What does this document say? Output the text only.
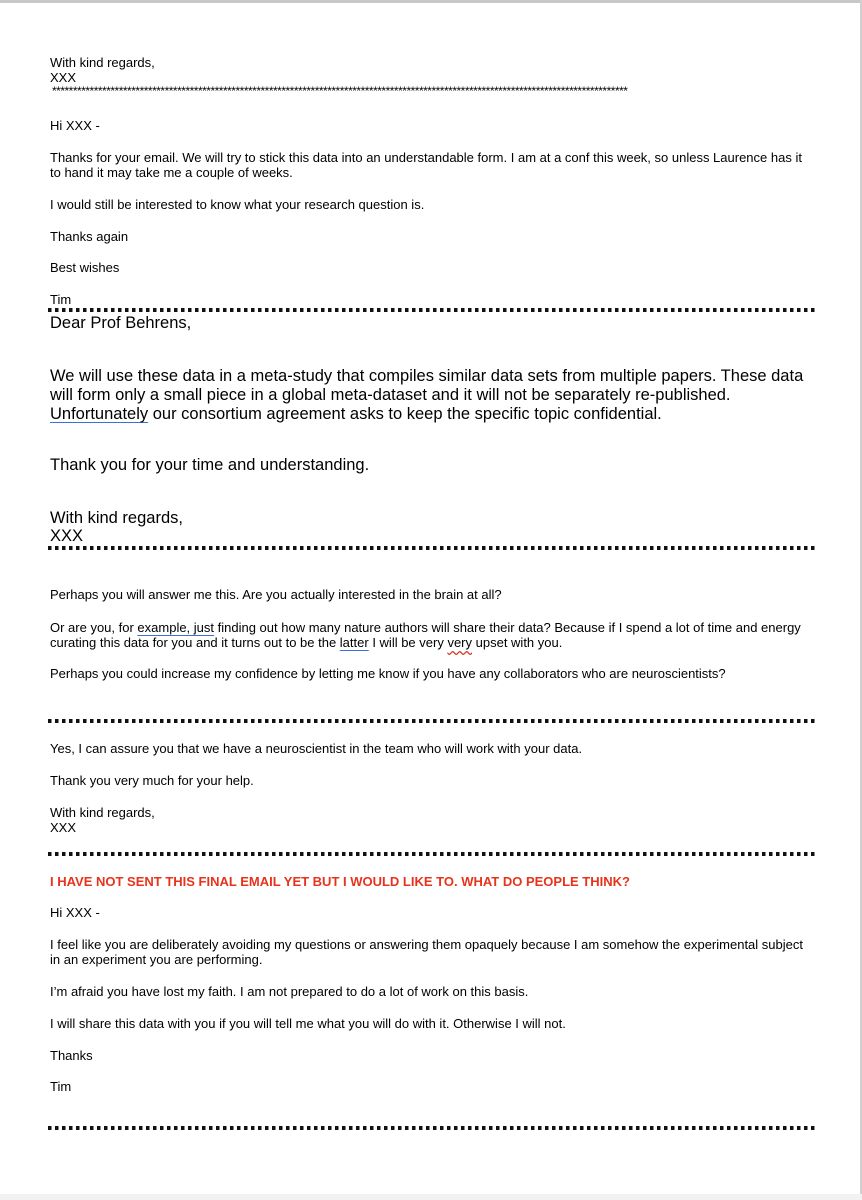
With kind regards,

XXX

******************************************************************************************************************************************

Hi XXX -

Thanks for your email. We will try to stick this data into an understandable form. I am at a conf this week, so unless Laurence has it to hand it may take me a couple of weeks.

I would still be interested to know what your research question is.

Thanks again

Best wishes

Tim

Dear Prof Behrens,

We will use these data in a meta-study that compiles similar data sets from multiple papers. These data will form only a small piece in a global meta-dataset and it will not be separately re-published. Unfortunately our consortium agreement asks to keep the specific topic confidential.

Thank you for your time and understanding.

With kind regards,

XXX

Perhaps you will answer me this. Are you actually interested in the brain at all?

Or are you, for example, just finding out how many nature authors will share their data? Because if I spend a lot of time and energy curating this data for you and it turns out to be the latter I will be very very upset with you.

Perhaps you could increase my confidence by letting me know if you have any collaborators who are neuroscientists?

Yes, I can assure you that we have a neuroscientist in the team who will work with your data.

Thank you very much for your help.

With kind regards,

XXX

I HAVE NOT SENT THIS FINAL EMAIL YET BUT I WOULD LIKE TO. WHAT DO PEOPLE THINK?

Hi XXX -

I feel like you are deliberately avoiding my questions or answering them opaquely because I am somehow the experimental subject in an experiment you are performing.

I’m afraid you have lost my faith. I am not prepared to do a lot of work on this basis.

I will share this data with you if you will tell me what you will do with it. Otherwise I will not.

Thanks

Tim
